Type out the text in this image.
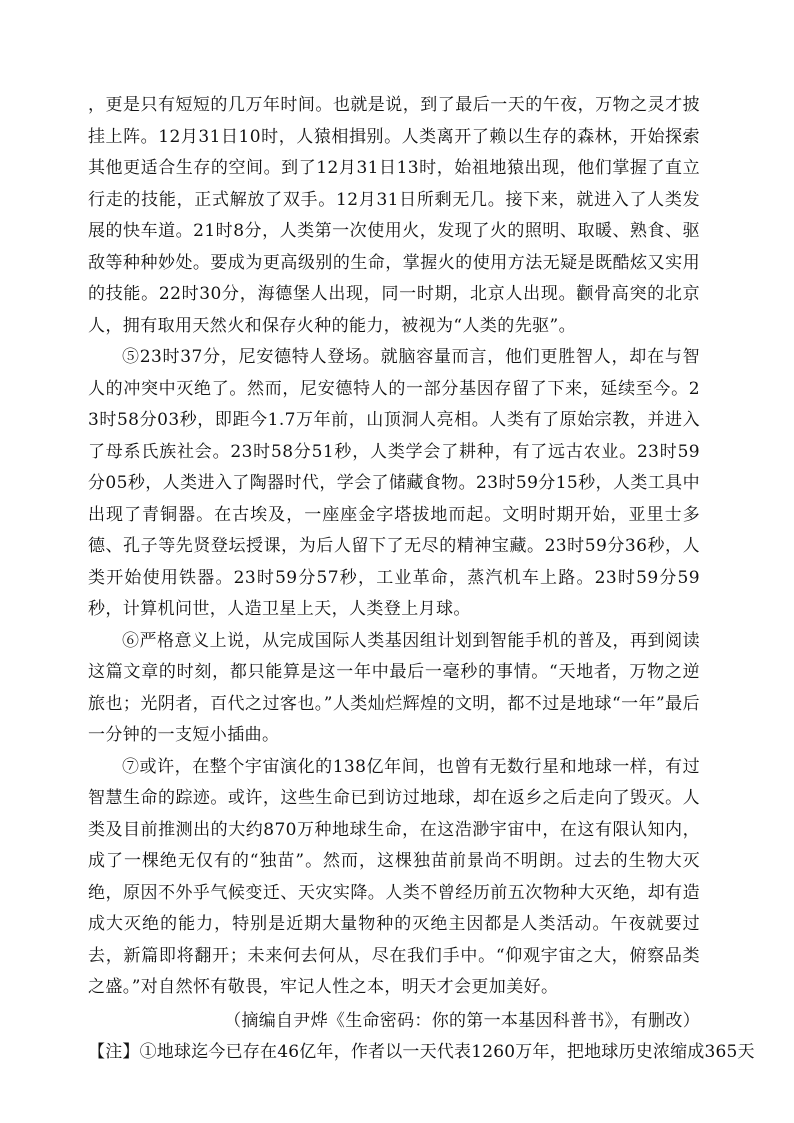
，更是只有短短的几万年时间。也就是说，到了最后一天的午夜，万物之灵才披挂上阵。12月31日10时，人猿相揖别。人类离开了赖以生存的森林，开始探索其他更适合生存的空间。到了12月31日13时，始祖地猿出现，他们掌握了直立行走的技能，正式解放了双手。12月31日所剩无几。接下来，就进入了人类发展的快车道。21时8分，人类第一次使用火，发现了火的照明、取暖、熟食、驱敌等种种妙处。要成为更高级别的生命，掌握火的使用方法无疑是既酷炫又实用的技能。22时30分，海德堡人出现，同一时期，北京人出现。颧骨高突的北京人，拥有取用天然火和保存火种的能力，被视为“人类的先驱”。

⑤23时37分，尼安德特人登场。就脑容量而言，他们更胜智人，却在与智人的冲突中灭绝了。然而，尼安德特人的一部分基因存留了下来，延续至今。23时58分03秒，即距今1.7万年前，山顶洞人亮相。人类有了原始宗教，并进入了母系氏族社会。23时58分51秒，人类学会了耕种，有了远古农业。23时59分05秒，人类进入了陶器时代，学会了储藏食物。23时59分15秒，人类工具中出现了青铜器。在古埃及，一座座金字塔拔地而起。文明时期开始，亚里士多德、孔子等先贤登坛授课，为后人留下了无尽的精神宝藏。23时59分36秒，人类开始使用铁器。23时59分57秒，工业革命，蒸汽机车上路。23时59分59秒，计算机问世，人造卫星上天，人类登上月球。

⑥严格意义上说，从完成国际人类基因组计划到智能手机的普及，再到阅读这篇文章的时刻，都只能算是这一年中最后一毫秒的事情。“天地者，万物之逆旅也；光阴者，百代之过客也。”人类灿烂辉煌的文明，都不过是地球“一年”最后一分钟的一支短小插曲。

⑦或许，在整个宇宙演化的138亿年间，也曾有无数行星和地球一样，有过智慧生命的踪迹。或许，这些生命已到访过地球，却在返乡之后走向了毁灭。人类及目前推测出的大约870万种地球生命，在这浩渺宇宙中，在这有限认知内，成了一棵绝无仅有的“独苗”。然而，这棵独苗前景尚不明朗。过去的生物大灭绝，原因不外乎气候变迁、天灾实降。人类不曾经历前五次物种大灭绝，却有造成大灭绝的能力，特别是近期大量物种的灭绝主因都是人类活动。午夜就要过去，新篇即将翻开；未来何去何从，尽在我们手中。“仰观宇宙之大，俯察品类之盛。”对自然怀有敬畏，牢记人性之本，明天才会更加美好。

（摘编自尹烨《生命密码：你的第一本基因科普书》，有删改）

【注】①地球迄今已存在46亿年，作者以一天代表1260万年，把地球历史浓缩成365天
